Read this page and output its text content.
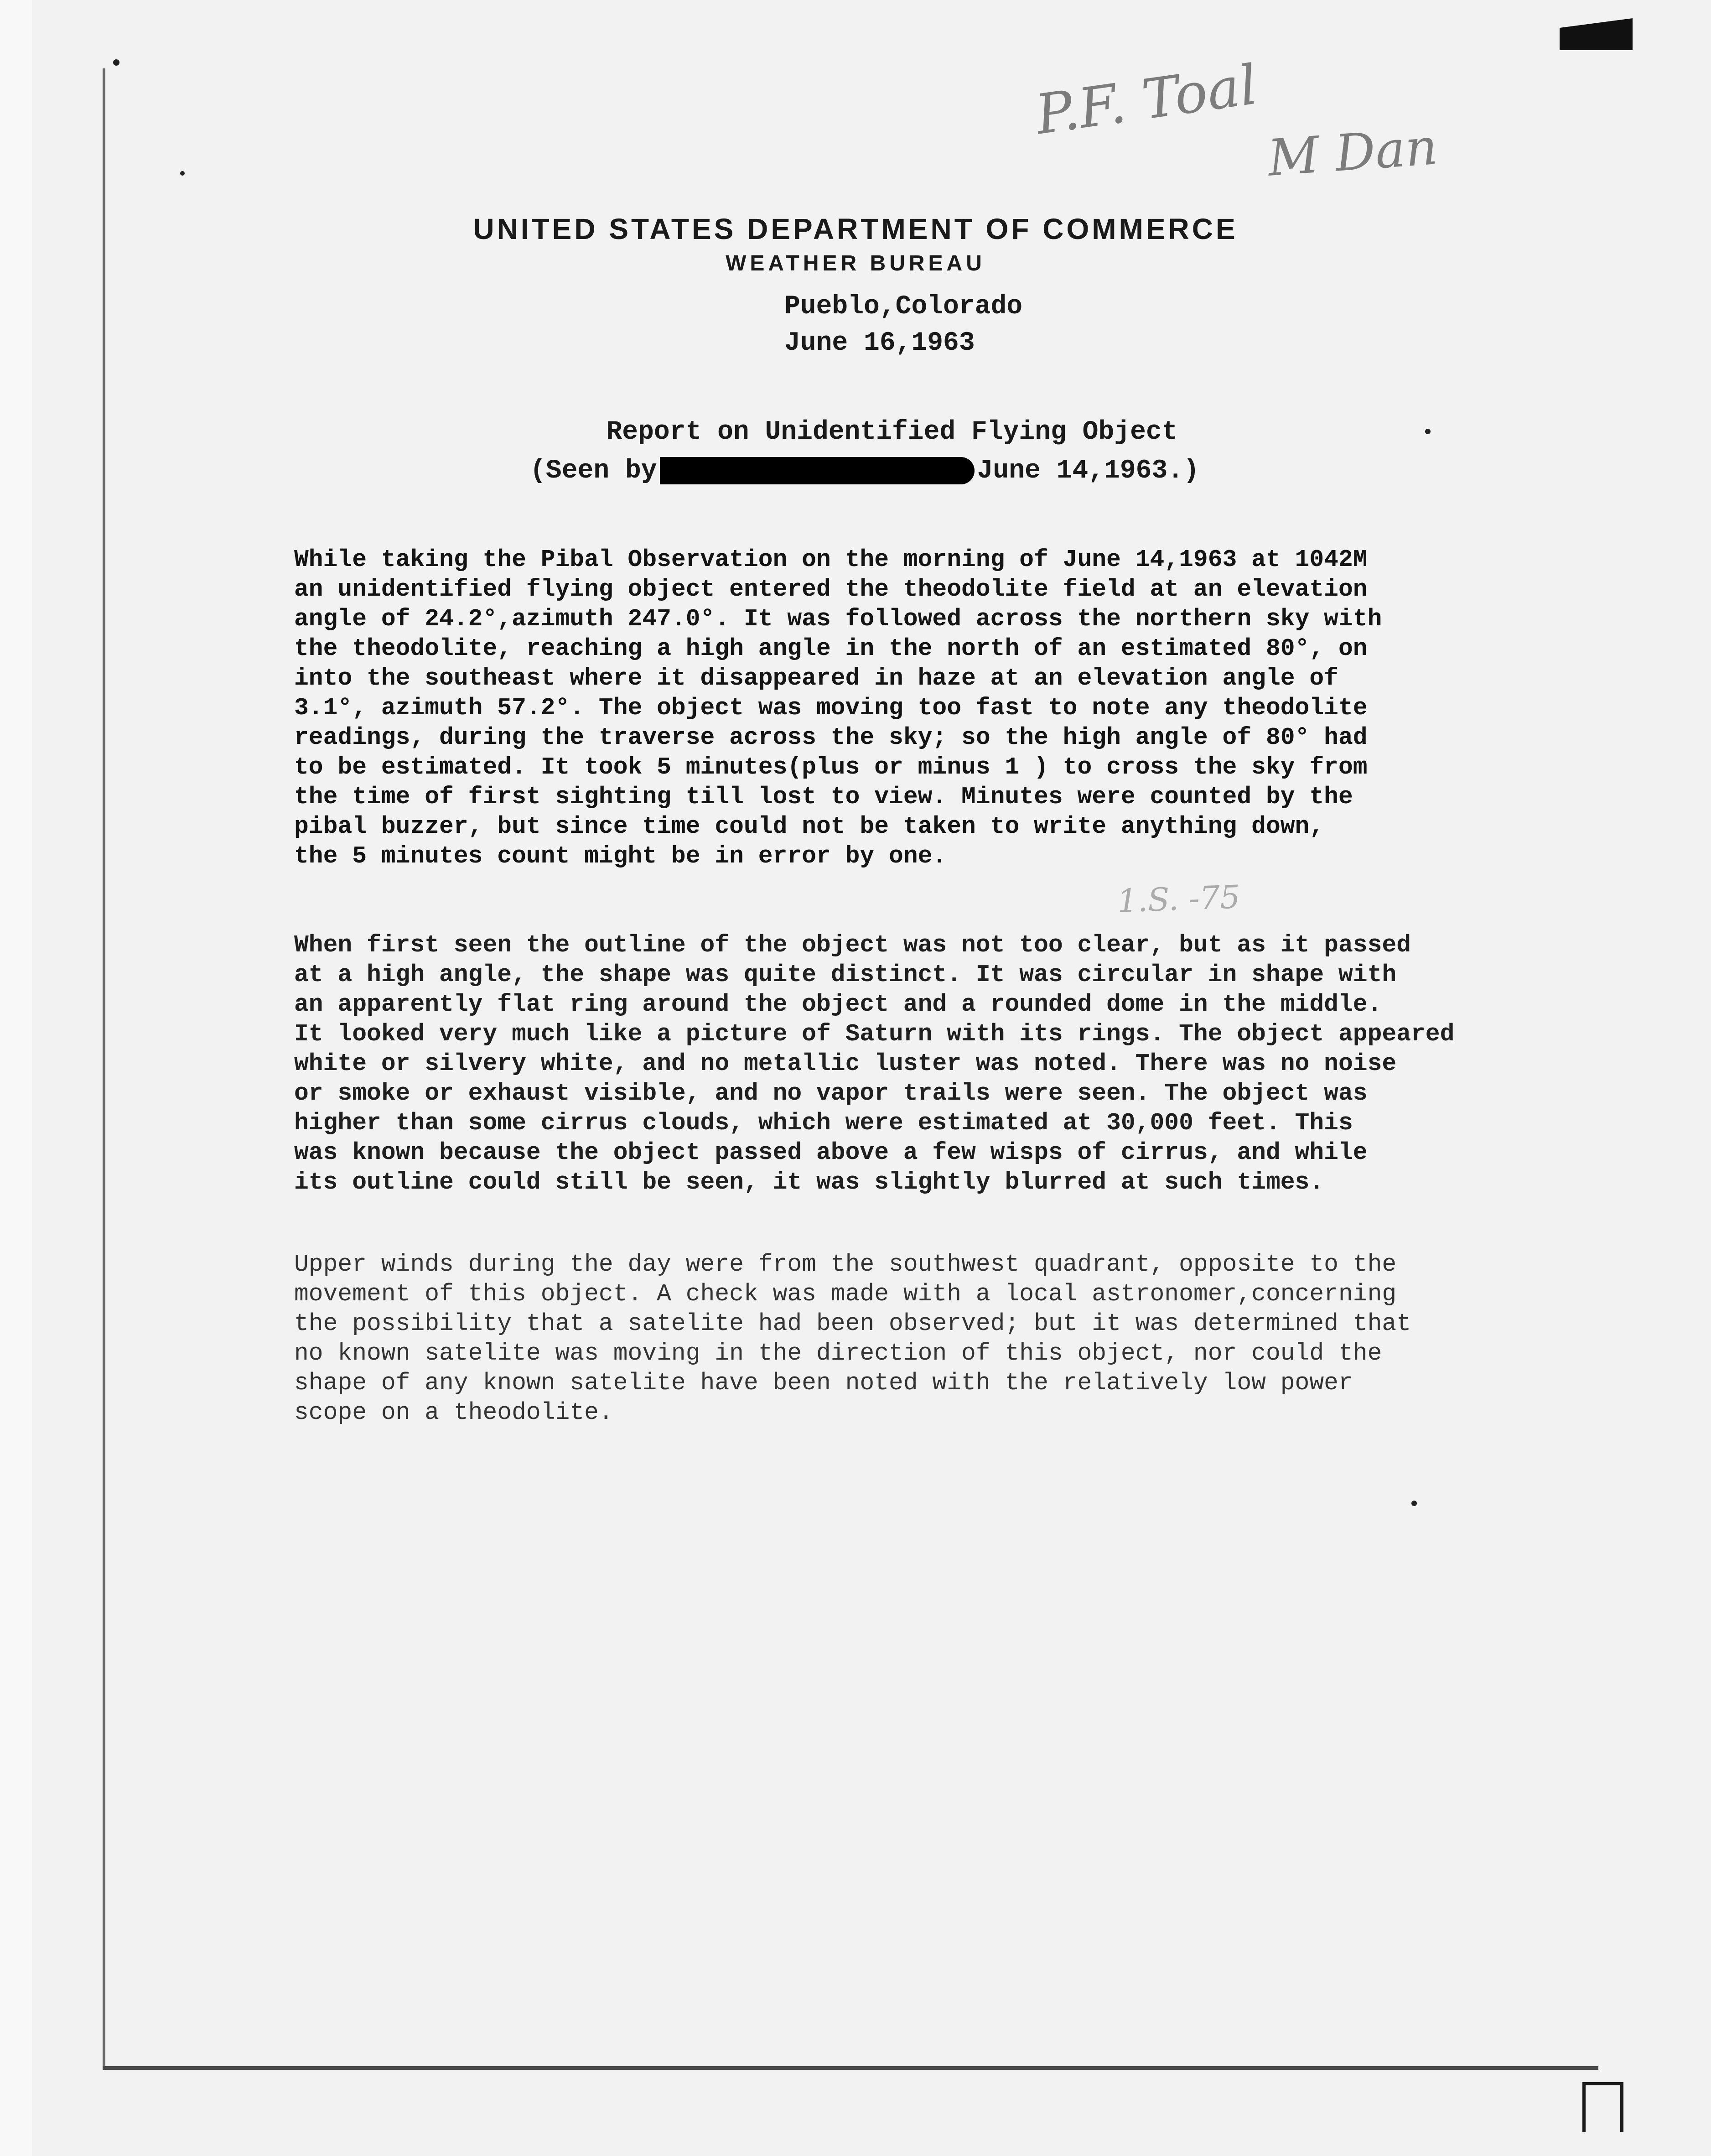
P.F. Toal
M Dan
1.S. -75
UNITED STATES DEPARTMENT OF COMMERCE
WEATHER BUREAU
Pueblo,Colorado
June 16,1963
Report on Unidentified Flying Object
(Seen by	June 14,1963.)
While taking the Pibal Observation on the morning of June 14,1963 at 1042M
an unidentified flying object entered the theodolite field at an elevation
angle of 24.2°,azimuth 247.0°. It was followed across the northern sky with
the theodolite, reaching a high angle in the north of an estimated 80°, on
into the southeast where it disappeared in haze at an elevation angle of
3.1°, azimuth 57.2°. The object was moving too fast to note any theodolite
readings, during the traverse across the sky; so the high angle of 80° had
to be estimated. It took 5 minutes(plus or minus 1 ) to cross the sky from
the time of first sighting till lost to view. Minutes were counted by the
pibal buzzer, but since time could not be taken to write anything down,
the 5 minutes count might be in error by one.
When first seen the outline of the object was not too clear, but as it passed
at a high angle, the shape was quite distinct. It was circular in shape with
an apparently flat ring around the object and a rounded dome in the middle.
It looked very much like a picture of Saturn with its rings. The object appeared
white or silvery white, and no metallic luster was noted. There was no noise
or smoke or exhaust visible, and no vapor trails were seen. The object was
higher than some cirrus clouds, which were estimated at 30,000 feet. This
was known because the object passed above a few wisps of cirrus, and while
its outline could still be seen, it was slightly blurred at such times.
Upper winds during the day were from the southwest quadrant, opposite to the
movement of this object. A check was made with a local astronomer,concerning
the possibility that a satelite had been observed; but it was determined that
no known satelite was moving in the direction of this object, nor could the
shape of any known satelite have been noted with the relatively low power
scope on a theodolite.
